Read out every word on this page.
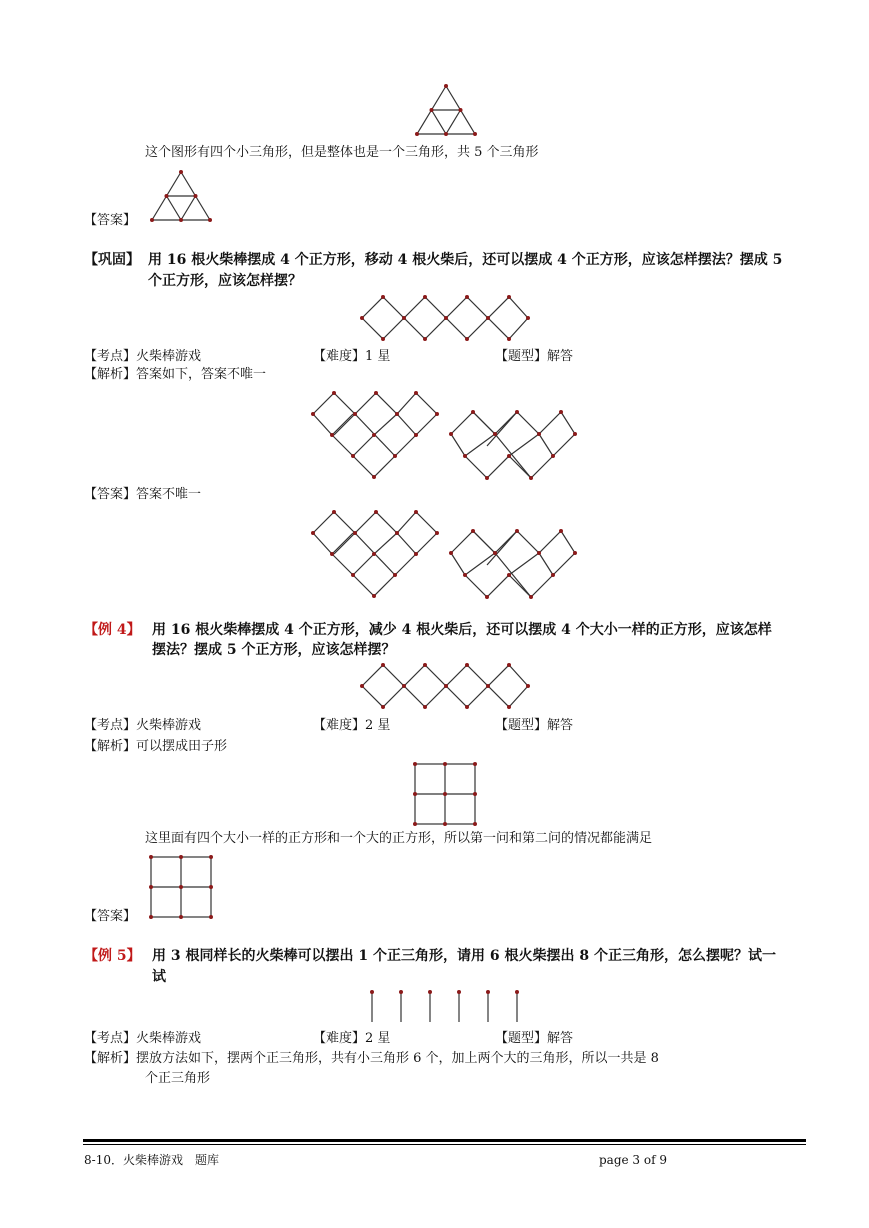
这个图形有四个小三角形，但是整体也是一个三角形，共 5 个三角形
【答案】
【巩固】 用 16 根火柴棒摆成 4 个正方形，移动 4 根火柴后，还可以摆成 4 个正方形，应该怎样摆法？摆成 5
个正方形，应该怎样摆？
【考点】火柴棒游戏	【难度】1 星	【题型】解答
【解析】答案如下，答案不唯一
【答案】答案不唯一
【例 4】 用 16 根火柴棒摆成 4 个正方形，减少 4 根火柴后，还可以摆成 4 个大小一样的正方形，应该怎样
摆法？摆成 5 个正方形，应该怎样摆？
【考点】火柴棒游戏	【难度】2 星	【题型】解答
【解析】可以摆成田子形
这里面有四个大小一样的正方形和一个大的正方形，所以第一问和第二问的情况都能满足
【答案】
【例 5】 用 3 根同样长的火柴棒可以摆出 1 个正三角形，请用 6 根火柴摆出 8 个正三角形，怎么摆呢？试一
试
【考点】火柴棒游戏	【难度】2 星	【题型】解答
【解析】摆放方法如下，摆两个正三角形，共有小三角形 6 个，加上两个大的三角形，所以一共是 8
个正三角形
8-10．火柴棒游戏　题库	page 3 of 9
